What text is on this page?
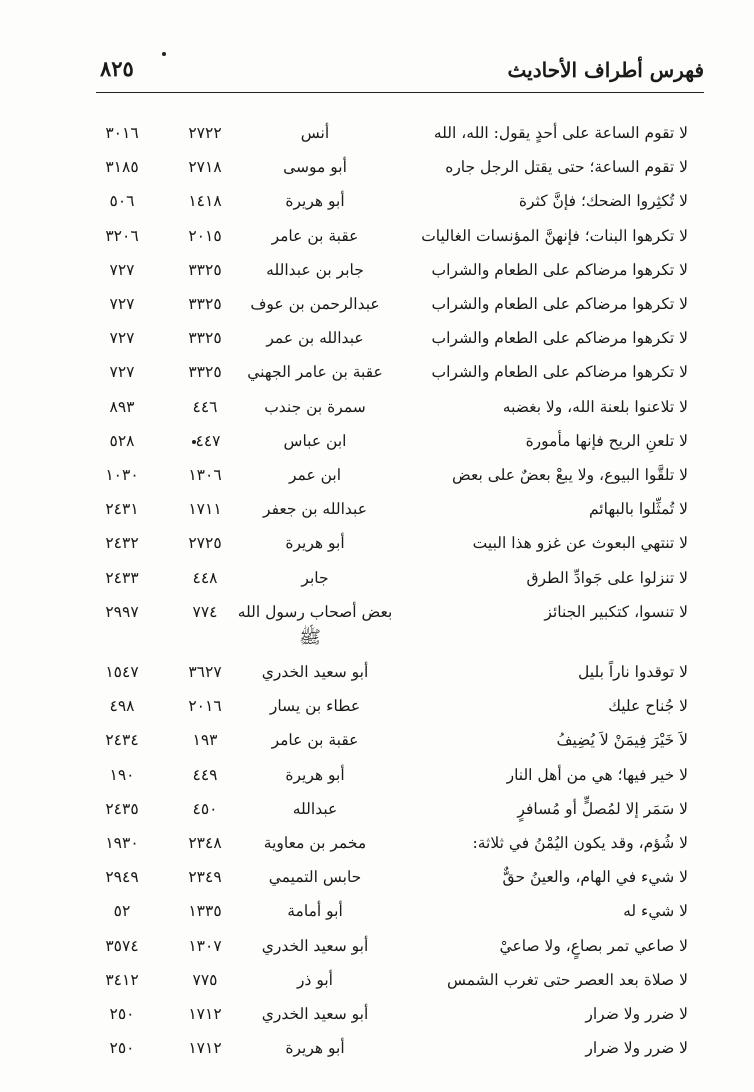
فهرس أطراف الأحاديث
٨٢٥
ﷺ
لا تقوم الساعة على أحدٍ يقول: الله، الله
أنس
٢٧٢٢
٣٠١٦
لا تقوم الساعة؛ حتى يقتل الرجل جاره
أبو موسى
٢٧١٨
٣١٨٥
لا تُكثِروا الضحك؛ فإنَّ كثرة
أبو هريرة
١٤١٨
٥٠٦
لا تكرهوا البنات؛ فإنهنَّ المؤنسات الغاليات
عقبة بن عامر
٢٠١٥
٣٢٠٦
لا تكرهوا مرضاكم على الطعام والشراب
جابر بن عبدالله
٣٣٢٥
٧٢٧
لا تكرهوا مرضاكم على الطعام والشراب
عبدالرحمن بن عوف
٣٣٢٥
٧٢٧
لا تكرهوا مرضاكم على الطعام والشراب
عبدالله بن عمر
٣٣٢٥
٧٢٧
لا تكرهوا مرضاكم على الطعام والشراب
عقبة بن عامر الجهني
٣٣٢٥
٧٢٧
لا تلاعنوا بلعنة الله، ولا بغضبه
سمرة بن جندب
٤٤٦
٨٩٣
لا تلعنِ الريح فإنها مأمورة
ابن عباس
٤٤٧
٥٢٨
لا تلقَّوا البيوع، ولا يبعْ بعضٌ على بعض
ابن عمر
١٣٠٦
١٠٣٠
لا تُمثِّلوا بالبهائم
عبدالله بن جعفر
١٧١١
٢٤٣١
لا تنتهي البعوث عن غزو هذا البيت
أبو هريرة
٢٧٢٥
٢٤٣٢
لا تنزلوا على جَوادِّ الطرق
جابر
٤٤٨
٢٤٣٣
لا تنسوا، كتكبير الجنائز
بعض أصحاب رسول الله
٧٧٤
٢٩٩٧
لا توقدوا ناراً بليل
أبو سعيد الخدري
٣٦٢٧
١٥٤٧
لا جُناح عليك
عطاء بن يسار
٢٠١٦
٤٩٨
لاَ خَيْرَ فِيمَنْ لاَ يُضِيفُ
عقبة بن عامر
١٩٣
٢٤٣٤
لا خير فيها؛ هي من أهل النار
أبو هريرة
٤٤٩
١٩٠
لا سَمَر إلا لمُصلٍّ أو مُسافرٍ
عبدالله
٤٥٠
٢٤٣٥
لا شُؤم، وقد يكون اليُمْنُ في ثلاثة:
مخمر بن معاوية
٢٣٤٨
١٩٣٠
لا شيء في الهام، والعينُ حقٌّ
حابس التميمي
٢٣٤٩
٢٩٤٩
لا شيء له
أبو أمامة
١٣٣٥
٥٢
لا صاعي تمر بصاعٍ، ولا صاعيْ
أبو سعيد الخدري
١٣٠٧
٣٥٧٤
لا صلاة بعد العصر حتى تغرب الشمس
أبو ذر
٧٧٥
٣٤١٢
لا ضرر ولا ضرار
أبو سعيد الخدري
١٧١٢
٢٥٠
لا ضرر ولا ضرار
أبو هريرة
١٧١٢
٢٥٠
